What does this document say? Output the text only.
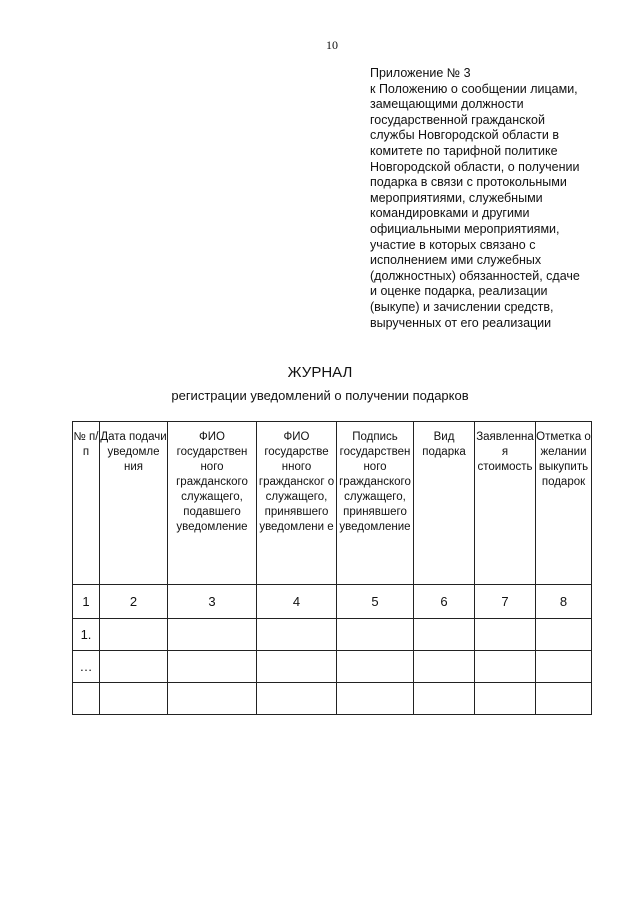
10
Приложение № 3
к Положению о сообщении лицами,
замещающими должности
государственной гражданской
службы Новгородской области в
комитете по тарифной политике
Новгородской области, о получении
подарка в связи с протокольными
мероприятиями, служебными
командировками и другими
официальными мероприятиями,
участие в которых связано с
исполнением ими служебных
(должностных) обязанностей, сдаче
и оценке подарка, реализации
(выкупе) и зачислении средств,
вырученных от его реализации
ЖУРНАЛ
регистрации уведомлений о получении подарков
№ п/п	Дата подачи уведомле ния	ФИО государствен ного гражданского служащего, подавшего уведомление	ФИО государстве нного гражданског о служащего, принявшего уведомлени е	Подпись государствен ного гражданского служащего, принявшего уведомление	Вид подарка	Заявленна я стоимость	Отметка о желании выкупить подарок
1	2	3	4	5	6	7	8
1.							
…							
